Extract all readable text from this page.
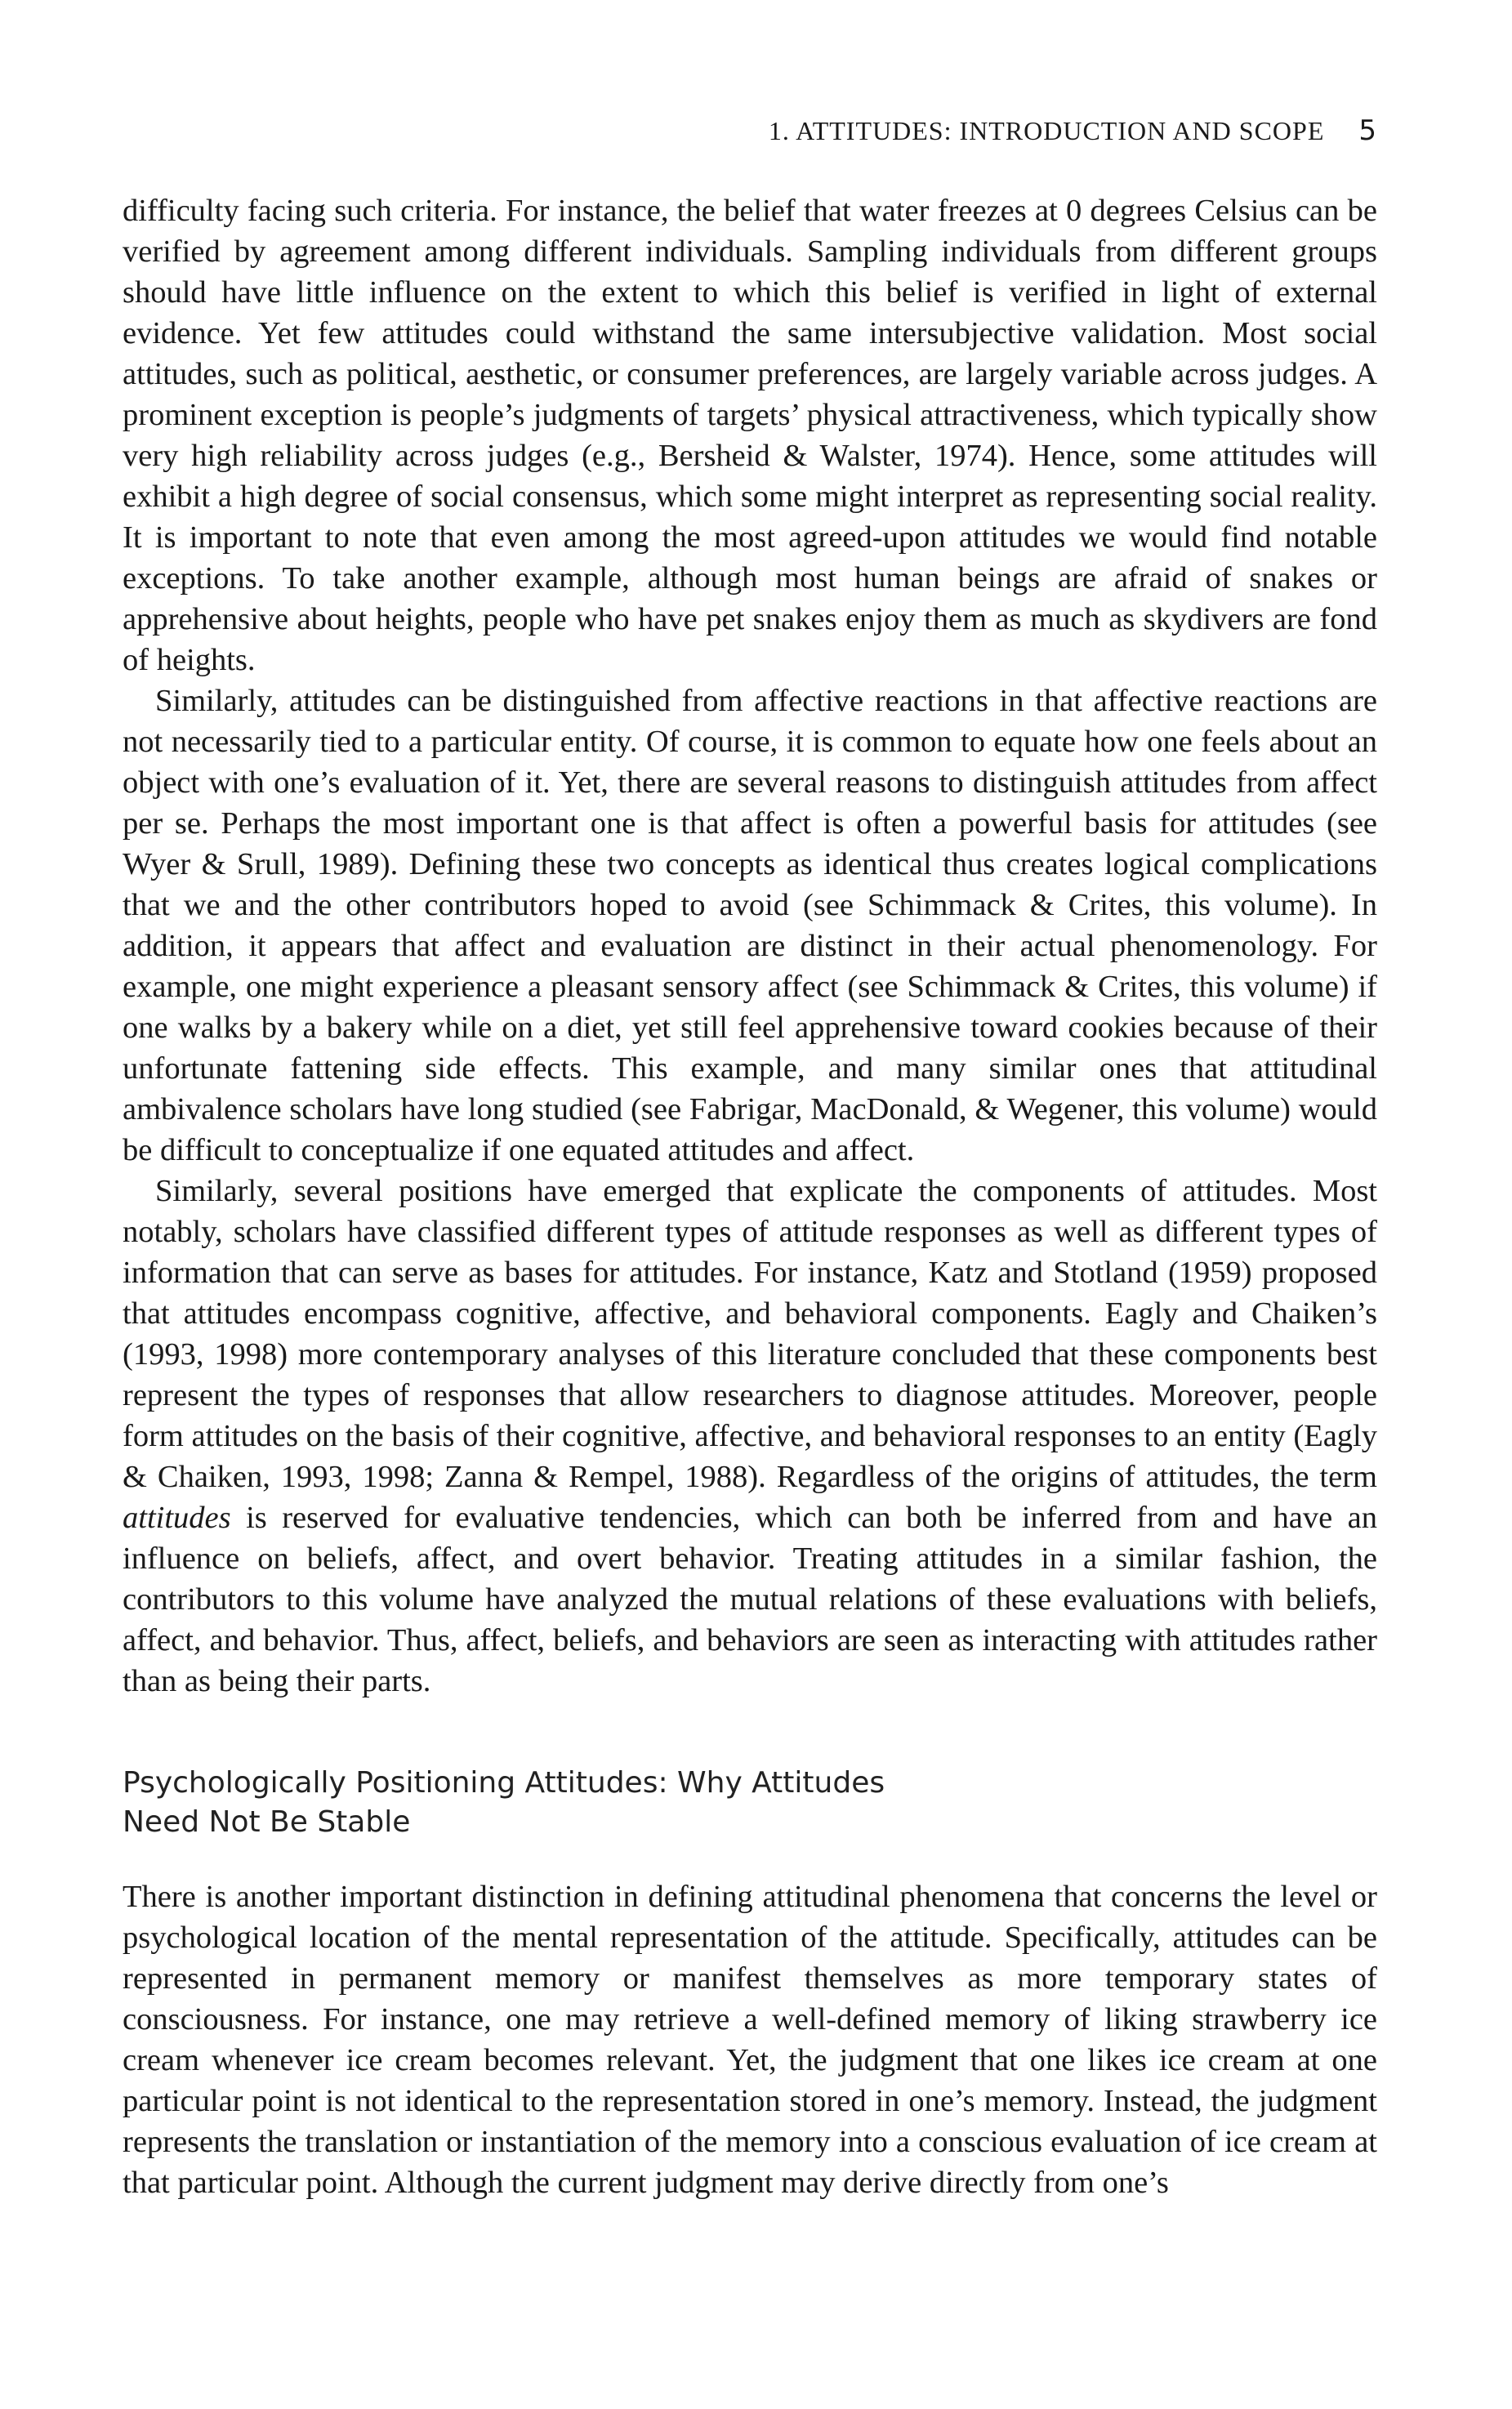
1. ATTITUDES: INTRODUCTION AND SCOPE 5

difficulty facing such criteria. For instance, the belief that water freezes at 0 degrees Celsius can be verified by agreement among different individuals. Sampling individuals from different groups should have little influence on the extent to which this belief is verified in light of external evidence. Yet few attitudes could withstand the same intersubjective validation. Most social attitudes, such as political, aesthetic, or consumer preferences, are largely variable across judges. A prominent exception is people’s judgments of targets’ physical attractiveness, which typically show very high reliability across judges (e.g., Bersheid & Walster, 1974). Hence, some attitudes will exhibit a high degree of social consensus, which some might interpret as representing social reality. It is important to note that even among the most agreed-upon attitudes we would find notable exceptions. To take another example, although most human beings are afraid of snakes or apprehensive about heights, people who have pet snakes enjoy them as much as skydivers are fond of heights.

Similarly, attitudes can be distinguished from affective reactions in that affective reactions are not necessarily tied to a particular entity. Of course, it is common to equate how one feels about an object with one’s evaluation of it. Yet, there are several reasons to distinguish attitudes from affect per se. Perhaps the most important one is that affect is often a powerful basis for attitudes (see Wyer & Srull, 1989). Defining these two concepts as identical thus creates logical complications that we and the other contributors hoped to avoid (see Schimmack & Crites, this volume). In addition, it appears that affect and evaluation are distinct in their actual phenomenology. For example, one might experience a pleasant sensory affect (see Schimmack & Crites, this volume) if one walks by a bakery while on a diet, yet still feel apprehensive toward cookies because of their unfortunate fattening side effects. This example, and many similar ones that attitudinal ambivalence scholars have long studied (see Fabrigar, MacDonald, & Wegener, this volume) would be difficult to conceptualize if one equated attitudes and affect.

Similarly, several positions have emerged that explicate the components of attitudes. Most notably, scholars have classified different types of attitude responses as well as different types of information that can serve as bases for attitudes. For instance, Katz and Stotland (1959) proposed that attitudes encompass cognitive, affective, and behavioral components. Eagly and Chaiken’s (1993, 1998) more contemporary analyses of this literature concluded that these components best represent the types of responses that allow researchers to diagnose attitudes. Moreover, people form attitudes on the basis of their cognitive, affective, and behavioral responses to an entity (Eagly & Chaiken, 1993, 1998; Zanna & Rempel, 1988). Regardless of the origins of attitudes, the term attitudes is reserved for evaluative tendencies, which can both be inferred from and have an influence on beliefs, affect, and overt behavior. Treating attitudes in a similar fashion, the contributors to this volume have analyzed the mutual relations of these evaluations with beliefs, affect, and behavior. Thus, affect, beliefs, and behaviors are seen as interacting with attitudes rather than as being their parts.

Psychologically Positioning Attitudes: Why Attitudes
Need Not Be Stable

There is another important distinction in defining attitudinal phenomena that concerns the level or psychological location of the mental representation of the attitude. Specifically, attitudes can be represented in permanent memory or manifest themselves as more temporary states of consciousness. For instance, one may retrieve a well-defined memory of liking strawberry ice cream whenever ice cream becomes relevant. Yet, the judgment that one likes ice cream at one particular point is not identical to the representation stored in one’s memory. Instead, the judgment represents the translation or instantiation of the memory into a conscious evaluation of ice cream at that particular point. Although the current judgment may derive directly from one’s
